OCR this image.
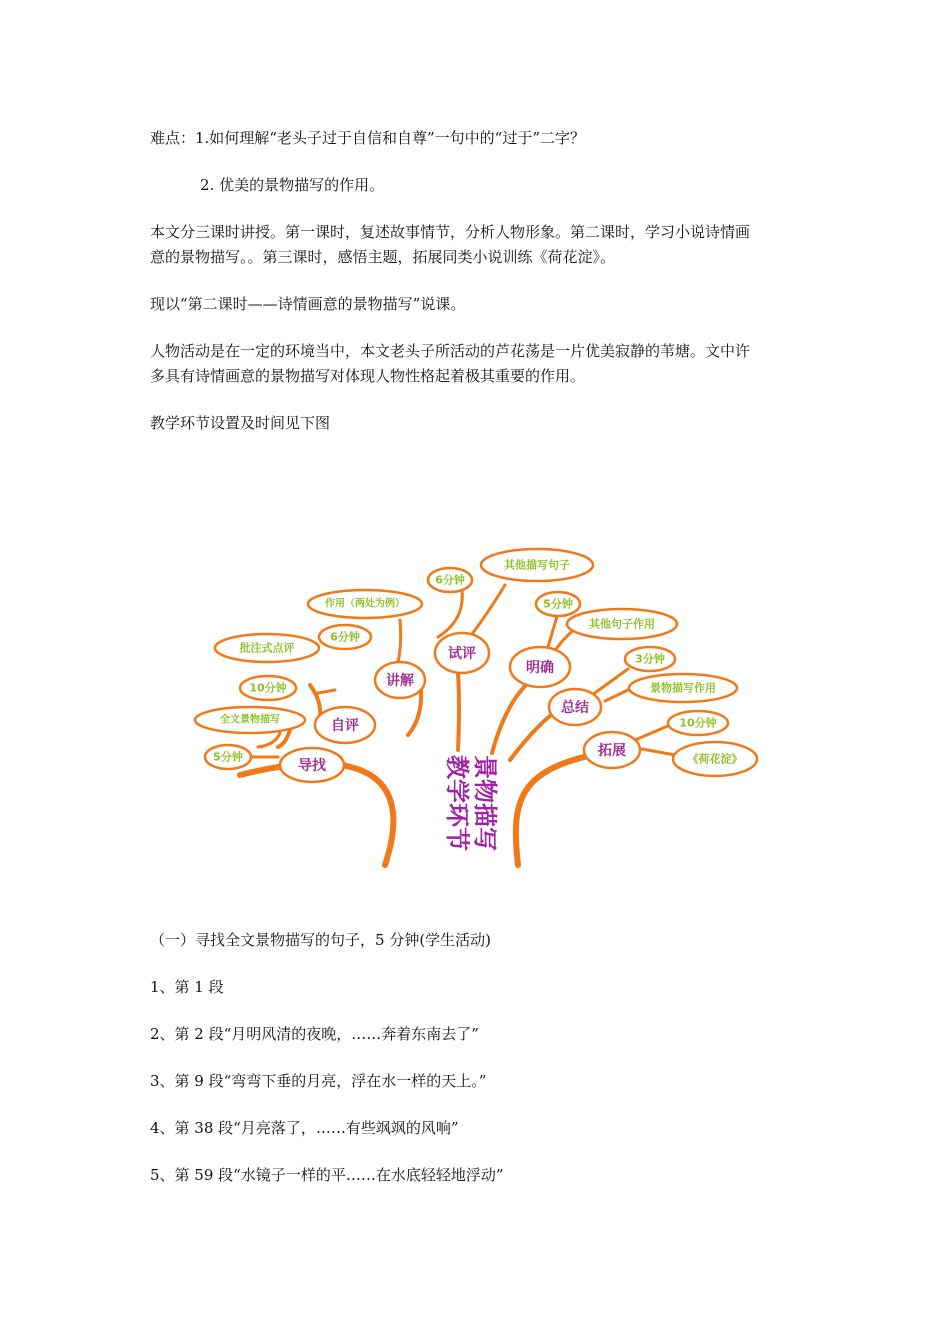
难点：1.如何理解“老头子过于自信和自尊”一句中的“过于”二字？

2. 优美的景物描写的作用。

本文分三课时讲授。第一课时，复述故事情节，分析人物形象。第二课时，学习小说诗情画

意的景物描写。。第三课时，感悟主题，拓展同类小说训练《荷花淀》。

现以“第二课时——诗情画意的景物描写”说课。

人物活动是在一定的环境当中，本文老头子所活动的芦花荡是一片优美寂静的苇塘。文中许

多具有诗情画意的景物描写对体现人物性格起着极其重要的作用。

教学环节设置及时间见下图

导找
5分钟
全文景物描写	自评
10分钟
批注式点评
讲解
6分钟
作用（两处为例）
试评
6分钟
其他描写句子
明确
5分钟
其他句子作用
总结
3分钟
景物描写作用
拓展
10分钟
《荷花淀》
景物描写
教学环节

（一）寻找全文景物描写的句子，5 分钟(学生活动)

1、第 1 段

2、第 2 段“月明风清的夜晚，……奔着东南去了”

3、第 9 段“弯弯下垂的月亮，浮在水一样的天上。”

4、第 38 段“月亮落了，……有些飒飒的风响”

5、第 59 段“水镜子一样的平……在水底轻轻地浮动”
